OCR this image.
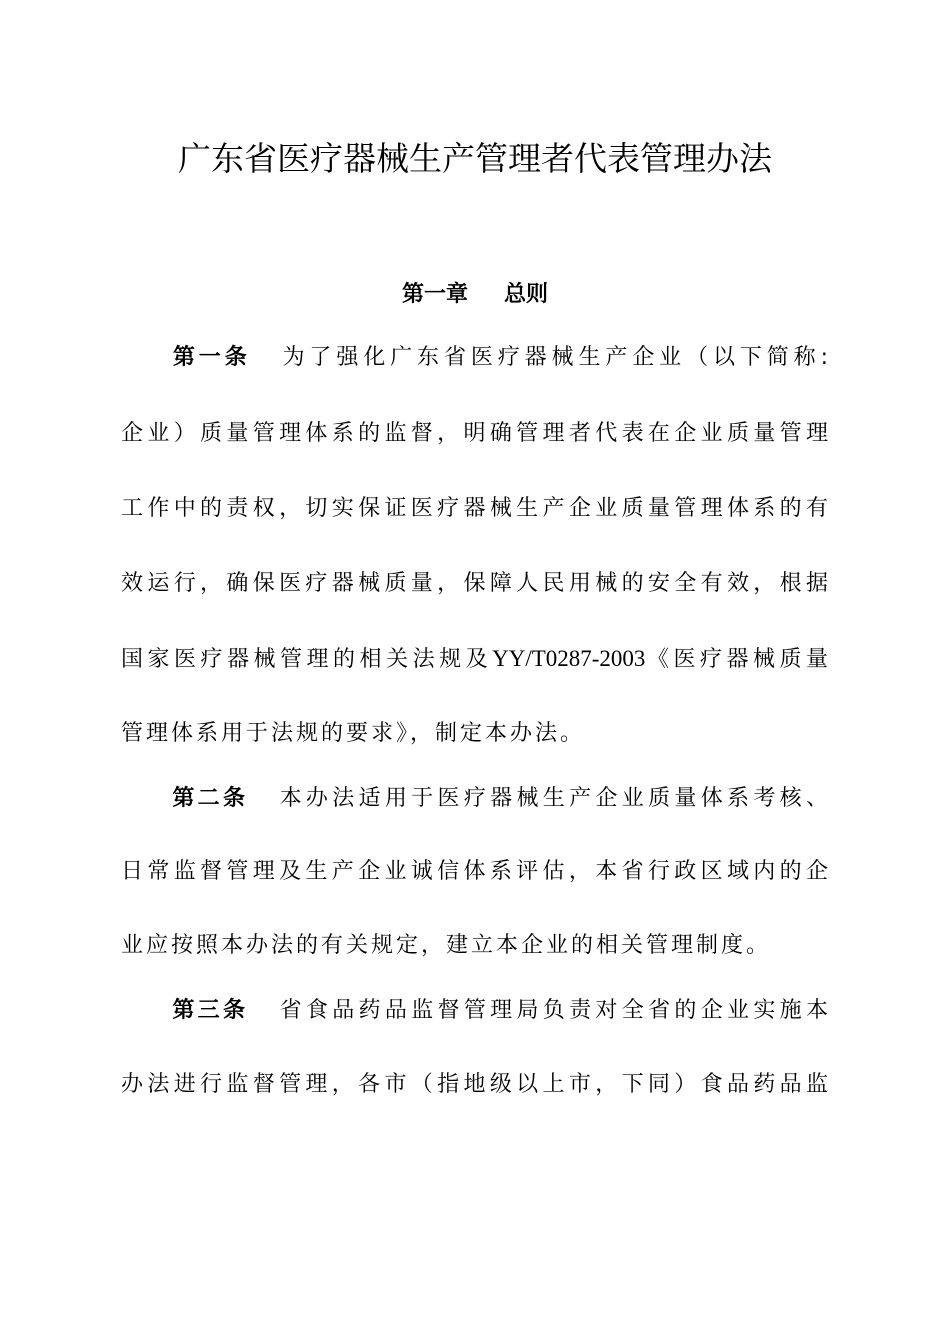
广东省医疗器械生产管理者代表管理办法
第一章 总则

第一条 为了强化广东省医疗器械生产企业（以下简称:

企业）质量管理体系的监督，明确管理者代表在企业质量管理

工作中的责权，切实保证医疗器械生产企业质量管理体系的有

效运行，确保医疗器械质量，保障人民用械的安全有效，根据

国家医疗器械管理的相关法规及YY/T0287-2003《医疗器械质量

管理体系用于法规的要求》，制定本办法。

第二条 本办法适用于医疗器械生产企业质量体系考核、

日常监督管理及生产企业诚信体系评估，本省行政区域内的企

业应按照本办法的有关规定，建立本企业的相关管理制度。

第三条 省食品药品监督管理局负责对全省的企业实施本

办法进行监督管理，各市（指地级以上市，下同）食品药品监
